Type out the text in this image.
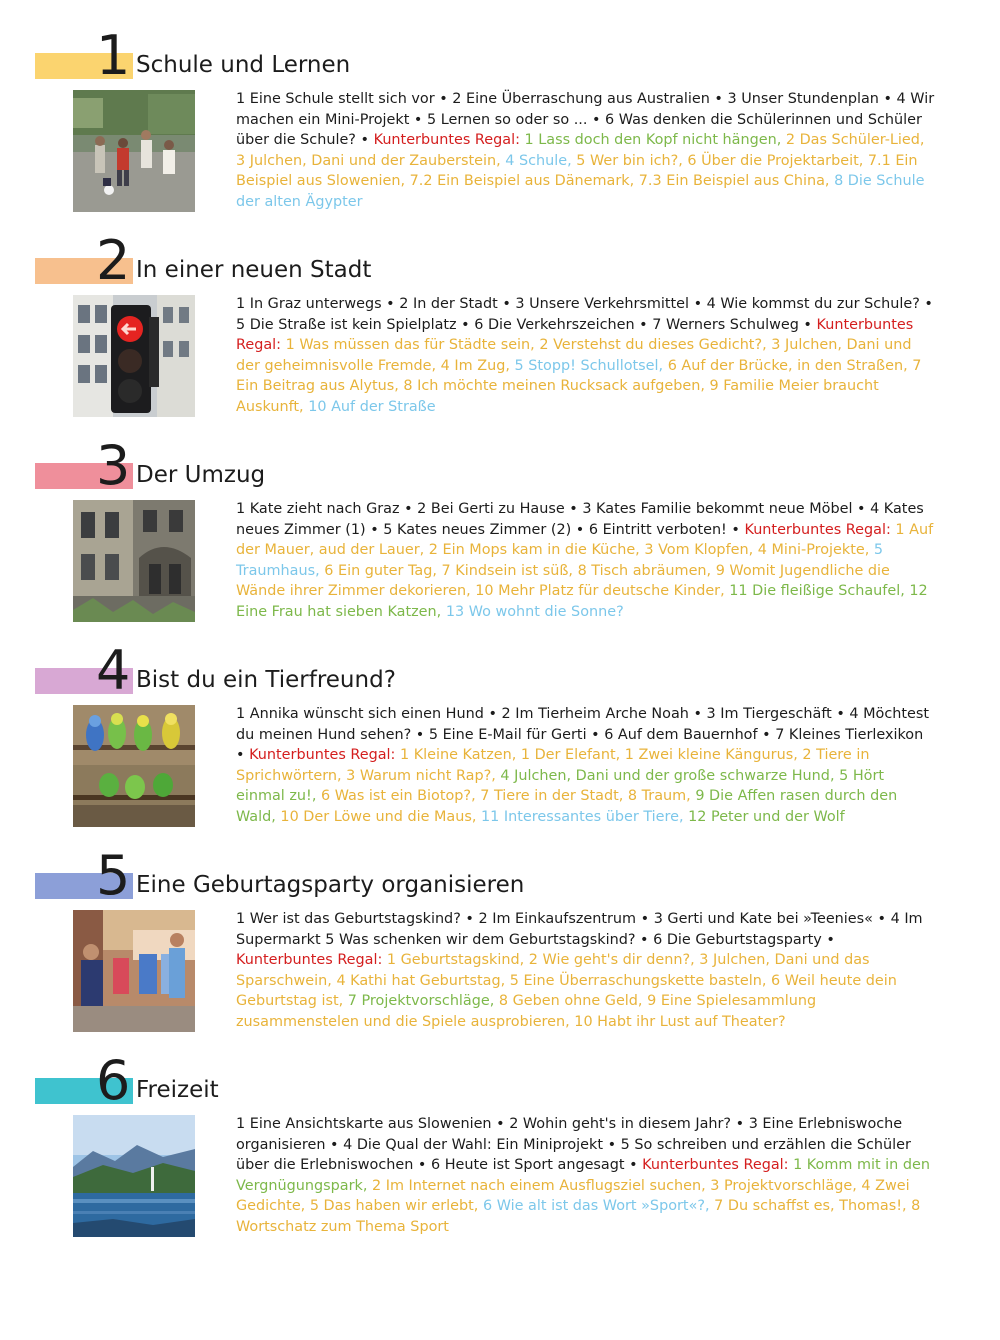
1 Schule und Lernen
1 Eine Schule stellt sich vor • 2 Eine Überraschung aus Australien • 3 Unser Stundenplan • 4 Wir machen ein Mini-Projekt • 5 Lernen so oder so ... • 6 Was denken die Schülerinnen und Schüler über die Schule? • Kunterbuntes Regal: 1 Lass doch den Kopf nicht hängen, 2 Das Schüler-Lied, 3 Julchen, Dani und der Zauberstein, 4 Schule, 5 Wer bin ich?, 6 Über die Projektarbeit, 7.1 Ein Beispiel aus Slowenien, 7.2 Ein Beispiel aus Dänemark, 7.3 Ein Beispiel aus China, 8 Die Schule der alten Ägypter
2 In einer neuen Stadt
1 In Graz unterwegs • 2 In der Stadt • 3 Unsere Verkehrsmittel • 4 Wie kommst du zur Schule? • 5 Die Straße ist kein Spielplatz • 6 Die Verkehrszeichen • 7 Werners Schulweg • Kunterbuntes Regal: 1 Was müssen das für Städte sein, 2 Verstehst du dieses Gedicht?, 3 Julchen, Dani und der geheimnisvolle Fremde, 4 Im Zug, 5 Stopp! Schullotsel, 6 Auf der Brücke, in den Straßen, 7 Ein Beitrag aus Alytus, 8 Ich möchte meinen Rucksack aufgeben, 9 Familie Meier braucht Auskunft, 10 Auf der Straße
3 Der Umzug
1 Kate zieht nach Graz • 2 Bei Gerti zu Hause • 3 Kates Familie bekommt neue Möbel • 4 Kates neues Zimmer (1) • 5 Kates neues Zimmer (2) • 6 Eintritt verboten! • Kunterbuntes Regal: 1 Auf der Mauer, aud der Lauer, 2 Ein Mops kam in die Küche, 3 Vom Klopfen, 4 Mini-Projekte, 5 Traumhaus, 6 Ein guter Tag, 7 Kindsein ist süß, 8 Tisch abräumen, 9 Womit Jugendliche die Wände ihrer Zimmer dekorieren, 10 Mehr Platz für deutsche Kinder, 11 Die fleißige Schaufel, 12 Eine Frau hat sieben Katzen, 13 Wo wohnt die Sonne?
4 Bist du ein Tierfreund?
1 Annika wünscht sich einen Hund • 2 Im Tierheim Arche Noah • 3 Im Tiergeschäft • 4 Möchtest du meinen Hund sehen? • 5 Eine E-Mail für Gerti • 6 Auf dem Bauernhof • 7 Kleines Tierlexikon • Kunterbuntes Regal: 1 Kleine Katzen, 1 Der Elefant, 1 Zwei kleine Kängurus, 2 Tiere in Sprichwörtern, 3 Warum nicht Rap?, 4 Julchen, Dani und der große schwarze Hund, 5 Hört einmal zu!, 6 Was ist ein Biotop?, 7 Tiere in der Stadt, 8 Traum, 9 Die Affen rasen durch den Wald, 10 Der Löwe und die Maus, 11 Interessantes über Tiere, 12 Peter und der Wolf
5 Eine Geburtagsparty organisieren
1 Wer ist das Geburtstagskind? • 2 Im Einkaufszentrum • 3 Gerti und Kate bei »Teenies« • 4 Im Supermarkt 5 Was schenken wir dem Geburtstagskind? • 6 Die Geburtstagsparty • Kunterbuntes Regal: 1 Geburtstagskind, 2 Wie geht's dir denn?, 3 Julchen, Dani und das Sparschwein, 4 Kathi hat Geburtstag, 5 Eine Überraschungskette basteln, 6 Weil heute dein Geburtstag ist, 7 Projektvorschläge, 8 Geben ohne Geld, 9 Eine Spielesammlung zusammenstelen und die Spiele ausprobieren, 10 Habt ihr Lust auf Theater?
6 Freizeit
1 Eine Ansichtskarte aus Slowenien • 2 Wohin geht's in diesem Jahr? • 3 Eine Erlebniswoche organisieren • 4 Die Qual der Wahl: Ein Miniprojekt • 5 So schreiben und erzählen die Schüler über die Erlebniswochen • 6 Heute ist Sport angesagt • Kunterbuntes Regal: 1 Komm mit in den Vergnügungspark, 2 Im Internet nach einem Ausflugsziel suchen, 3 Projektvorschläge, 4 Zwei Gedichte, 5 Das haben wir erlebt, 6 Wie alt ist das Wort »Sport«?, 7 Du schaffst es, Thomas!, 8 Wortschatz zum Thema Sport
